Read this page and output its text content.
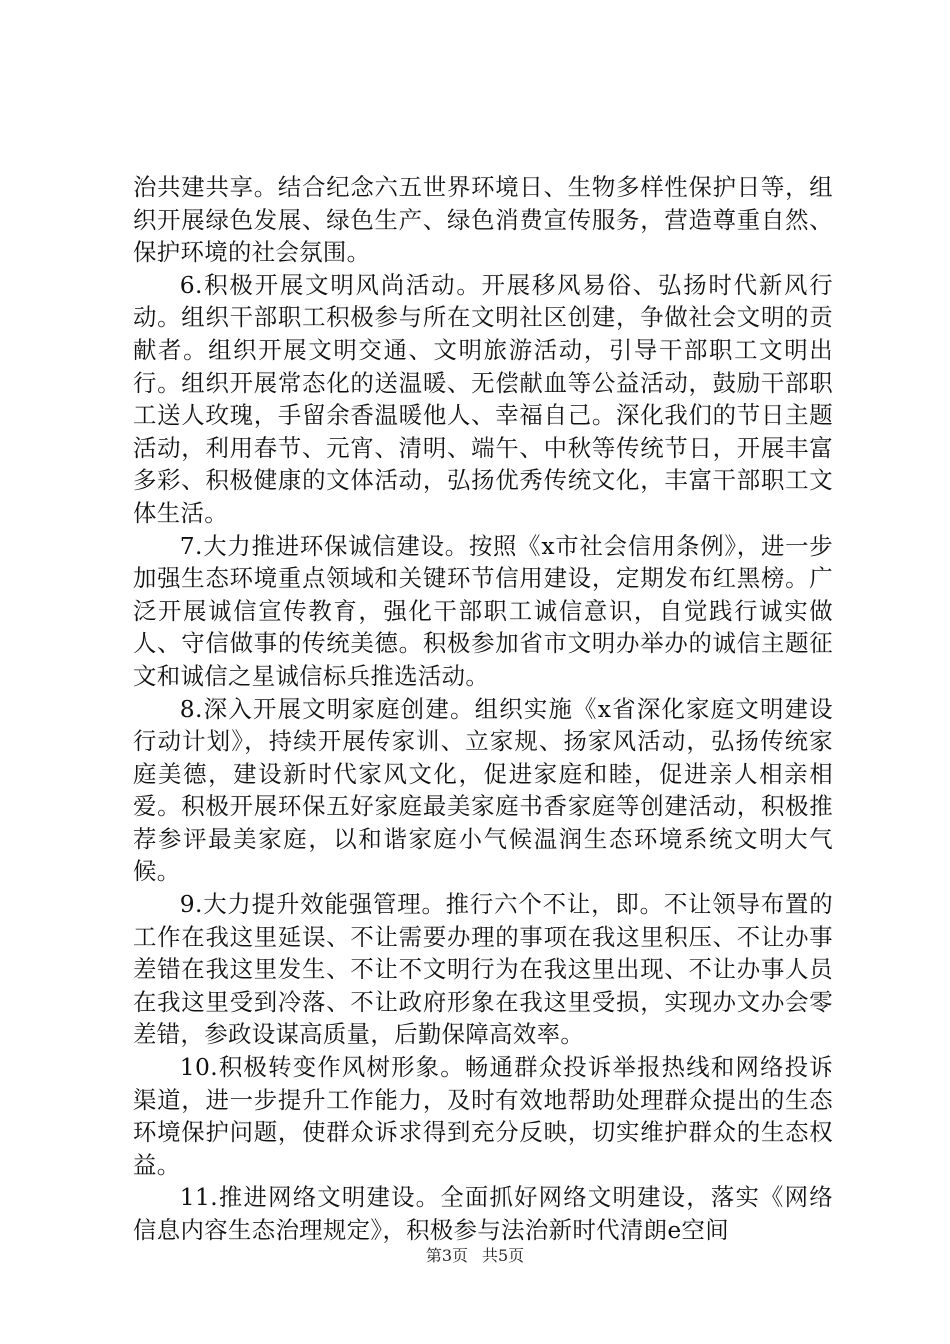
治共建共享。结合纪念六五世界环境日、生物多样性保护日等，组织开展绿色发展、绿色生产、绿色消费宣传服务，营造尊重自然、保护环境的社会氛围。

6.积极开展文明风尚活动。开展移风易俗、弘扬时代新风行动。组织干部职工积极参与所在文明社区创建，争做社会文明的贡献者。组织开展文明交通、文明旅游活动，引导干部职工文明出行。组织开展常态化的送温暖、无偿献血等公益活动，鼓励干部职工送人玫瑰，手留余香温暖他人、幸福自己。深化我们的节日主题活动，利用春节、元宵、清明、端午、中秋等传统节日，开展丰富多彩、积极健康的文体活动，弘扬优秀传统文化，丰富干部职工文体生活。

7.大力推进环保诚信建设。按照《x市社会信用条例》，进一步加强生态环境重点领域和关键环节信用建设，定期发布红黑榜。广泛开展诚信宣传教育，强化干部职工诚信意识，自觉践行诚实做人、守信做事的传统美德。积极参加省市文明办举办的诚信主题征文和诚信之星诚信标兵推选活动。

8.深入开展文明家庭创建。组织实施《x省深化家庭文明建设行动计划》，持续开展传家训、立家规、扬家风活动，弘扬传统家庭美德，建设新时代家风文化，促进家庭和睦，促进亲人相亲相爱。积极开展环保五好家庭最美家庭书香家庭等创建活动，积极推荐参评最美家庭，以和谐家庭小气候温润生态环境系统文明大气候。

9.大力提升效能强管理。推行六个不让，即。不让领导布置的工作在我这里延误、不让需要办理的事项在我这里积压、不让办事差错在我这里发生、不让不文明行为在我这里出现、不让办事人员在我这里受到冷落、不让政府形象在我这里受损，实现办文办会零差错，参政设谋高质量，后勤保障高效率。

10.积极转变作风树形象。畅通群众投诉举报热线和网络投诉渠道，进一步提升工作能力，及时有效地帮助处理群众提出的生态环境保护问题，使群众诉求得到充分反映，切实维护群众的生态权益。

11.推进网络文明建设。全面抓好网络文明建设，落实《网络信息内容生态治理规定》，积极参与法治新时代清朗e空间

第3页 共5页
